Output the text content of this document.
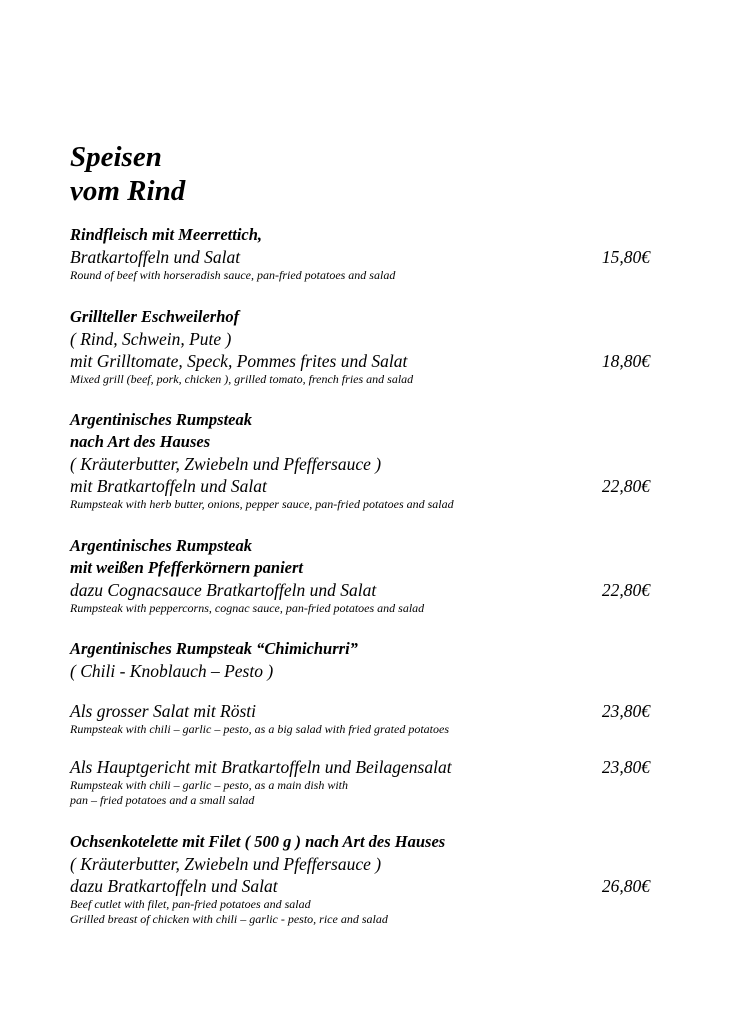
Speisen
vom Rind
Rindfleisch mit Meerrettich,
Bratkartoffeln und Salat	15,80€
Round of beef with horseradish sauce, pan-fried potatoes and salad
Grillteller Eschweilerhof
( Rind, Schwein, Pute )
mit Grilltomate, Speck, Pommes frites und Salat	18,80€
Mixed grill (beef, pork, chicken ), grilled tomato, french fries and salad
Argentinisches Rumpsteak
nach Art des Hauses
( Kräuterbutter, Zwiebeln und Pfeffersauce )
mit Bratkartoffeln und Salat	22,80€
Rumpsteak with herb butter, onions, pepper sauce, pan-fried potatoes and salad
Argentinisches Rumpsteak
mit weißen Pfefferkörnern paniert
dazu Cognacsauce Bratkartoffeln und Salat	22,80€
Rumpsteak with peppercorns, cognac sauce, pan-fried potatoes and salad
Argentinisches Rumpsteak “Chimichurri”
( Chili - Knoblauch – Pesto )
Als grosser Salat mit Rösti	23,80€
Rumpsteak with chili – garlic – pesto, as a big salad with fried grated potatoes
Als Hauptgericht mit Bratkartoffeln und Beilagensalat	23,80€
Rumpsteak with chili – garlic – pesto, as a main dish with
pan – fried potatoes and a small salad
Ochsenkotelette mit Filet ( 500 g ) nach Art des Hauses
( Kräuterbutter, Zwiebeln und Pfeffersauce )
dazu Bratkartoffeln und Salat	26,80€
Beef cutlet with filet, pan-fried potatoes and salad
Grilled breast of chicken with chili – garlic - pesto, rice and salad
